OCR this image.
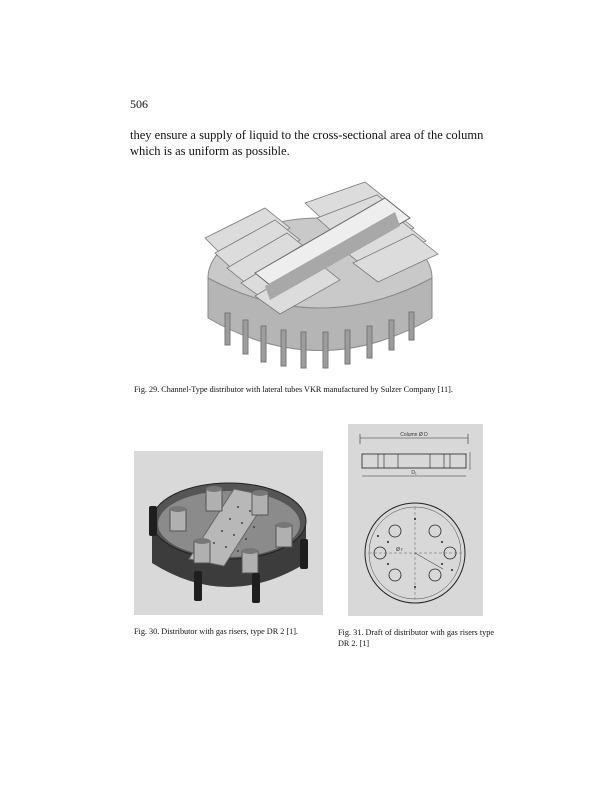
506
they ensure a supply of liquid to the cross-sectional area of the column which is as uniform as possible.
Fig. 29. Channel-Type distributor with lateral tubes VKR manufactured by Sulzer Company [11].
Column Ø D
D₁
Ø r
Fig. 30. Distributor with gas risers, type DR 2 [1].	Fig. 31. Draft of distributor with gas risers type DR 2. [1]
